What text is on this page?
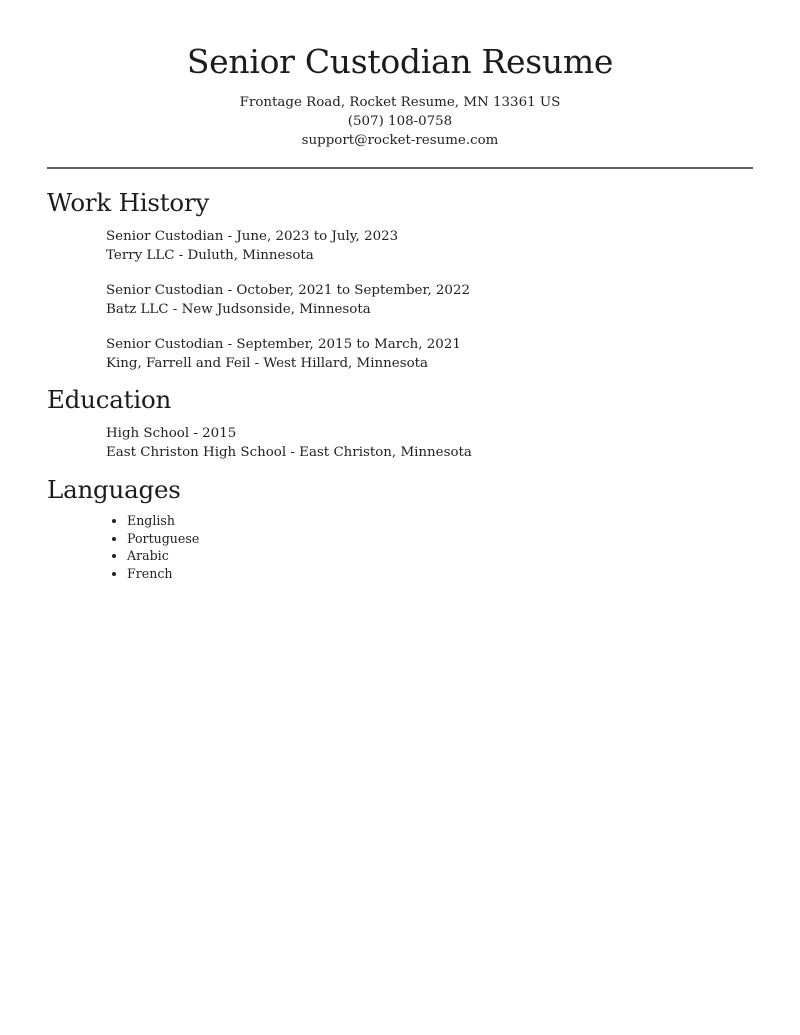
Senior Custodian Resume
Frontage Road, Rocket Resume, MN 13361 US
(507) 108-0758
support@rocket-resume.com
Work History
Senior Custodian - June, 2023 to July, 2023
Terry LLC - Duluth, Minnesota
Senior Custodian - October, 2021 to September, 2022
Batz LLC - New Judsonside, Minnesota
Senior Custodian - September, 2015 to March, 2021
King, Farrell and Feil - West Hillard, Minnesota
Education
High School - 2015
East Christon High School - East Christon, Minnesota
Languages
• English
• Portuguese
• Arabic
• French
